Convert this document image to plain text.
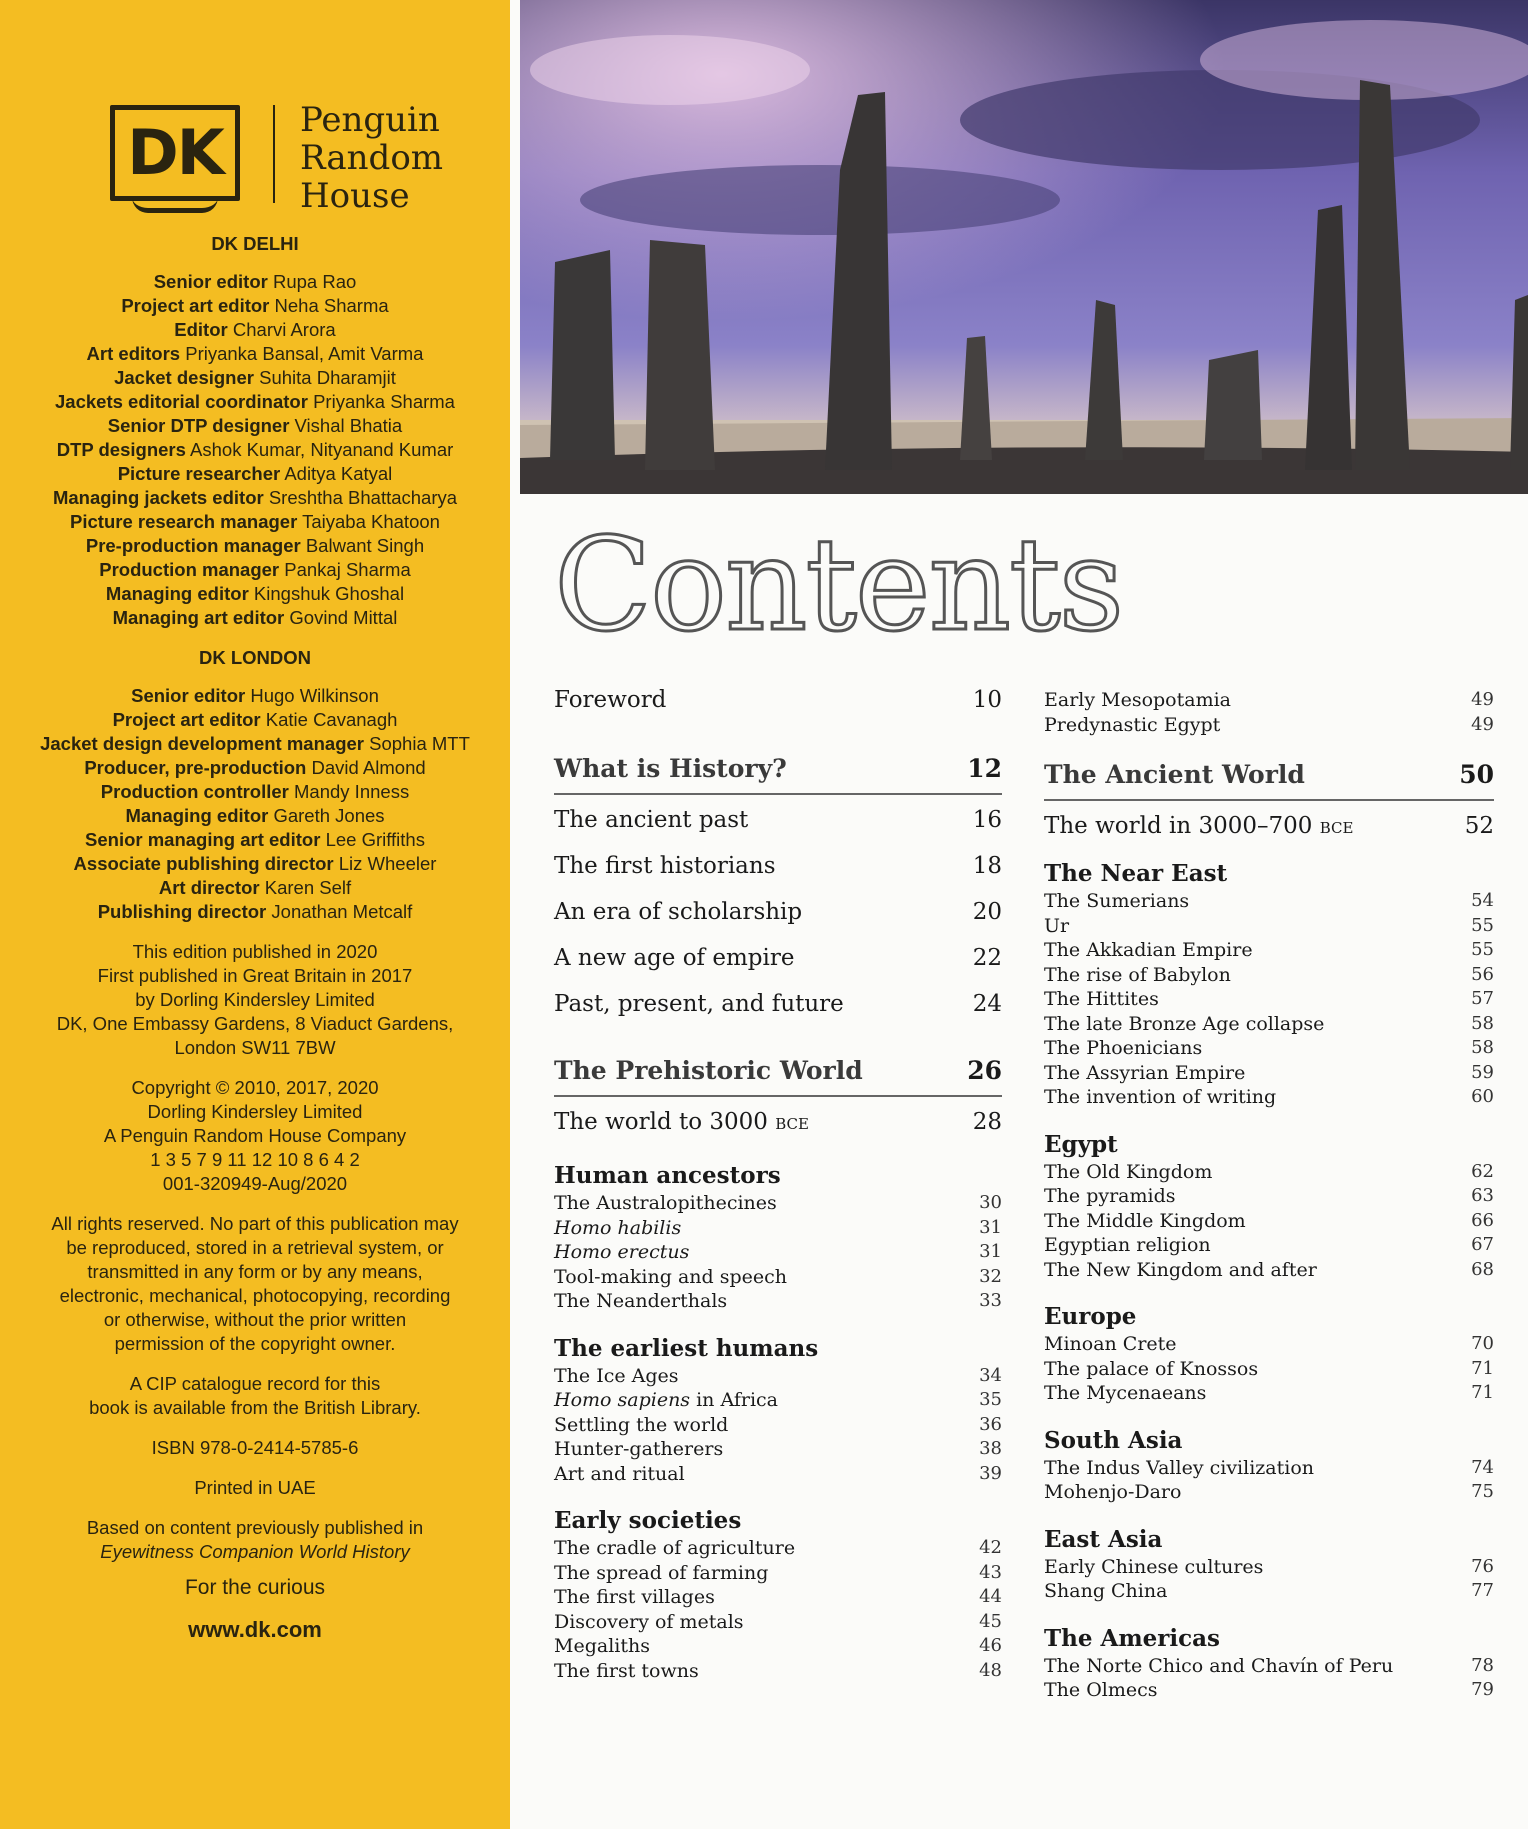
DK	Penguin
Random
House
DK DELHI
Senior editor Rupa Rao
Project art editor Neha Sharma
Editor Charvi Arora
Art editors Priyanka Bansal, Amit Varma
Jacket designer Suhita Dharamjit
Jackets editorial coordinator Priyanka Sharma
Senior DTP designer Vishal Bhatia
DTP designers Ashok Kumar, Nityanand Kumar
Picture researcher Aditya Katyal
Managing jackets editor Sreshtha Bhattacharya
Picture research manager Taiyaba Khatoon
Pre-production manager Balwant Singh
Production manager Pankaj Sharma
Managing editor Kingshuk Ghoshal
Managing art editor Govind Mittal
DK LONDON
Senior editor Hugo Wilkinson
Project art editor Katie Cavanagh
Jacket design development manager Sophia MTT
Producer, pre-production David Almond
Production controller Mandy Inness
Managing editor Gareth Jones
Senior managing art editor Lee Griffiths
Associate publishing director Liz Wheeler
Art director Karen Self
Publishing director Jonathan Metcalf
This edition published in 2020
First published in Great Britain in 2017
by Dorling Kindersley Limited
DK, One Embassy Gardens, 8 Viaduct Gardens,
London SW11 7BW
Copyright © 2010, 2017, 2020
Dorling Kindersley Limited
A Penguin Random House Company
1 3 5 7 9 11 12 10 8 6 4 2
001-320949-Aug/2020
All rights reserved. No part of this publication may
be reproduced, stored in a retrieval system, or
transmitted in any form or by any means,
electronic, mechanical, photocopying, recording
or otherwise, without the prior written
permission of the copyright owner.
A CIP catalogue record for this
book is available from the British Library.
ISBN 978-0-2414-5785-6
Printed in UAE
Based on content previously published in
Eyewitness Companion World History
For the curious
www.dk.com
Contents
Foreword	10
What is History?	12
The ancient past	16
The first historians	18
An era of scholarship	20
A new age of empire	22
Past, present, and future	24
The Prehistoric World	26
The world to 3000 BCE	28
Human ancestors
The Australopithecines	30
Homo habilis	31
Homo erectus	31
Tool-making and speech	32
The Neanderthals	33
The earliest humans
The Ice Ages	34
Homo sapiens in Africa	35
Settling the world	36
Hunter-gatherers	38
Art and ritual	39
Early societies
The cradle of agriculture	42
The spread of farming	43
The first villages	44
Discovery of metals	45
Megaliths	46
The first towns	48
Early Mesopotamia	49
Predynastic Egypt	49
The Ancient World	50
The world in 3000–700 BCE	52
The Near East
The Sumerians	54
Ur	55
The Akkadian Empire	55
The rise of Babylon	56
The Hittites	57
The late Bronze Age collapse	58
The Phoenicians	58
The Assyrian Empire	59
The invention of writing	60
Egypt
The Old Kingdom	62
The pyramids	63
The Middle Kingdom	66
Egyptian religion	67
The New Kingdom and after	68
Europe
Minoan Crete	70
The palace of Knossos	71
The Mycenaeans	71
South Asia
The Indus Valley civilization	74
Mohenjo-Daro	75
East Asia
Early Chinese cultures	76
Shang China	77
The Americas
The Norte Chico and Chavín of Peru	78
The Olmecs	79
